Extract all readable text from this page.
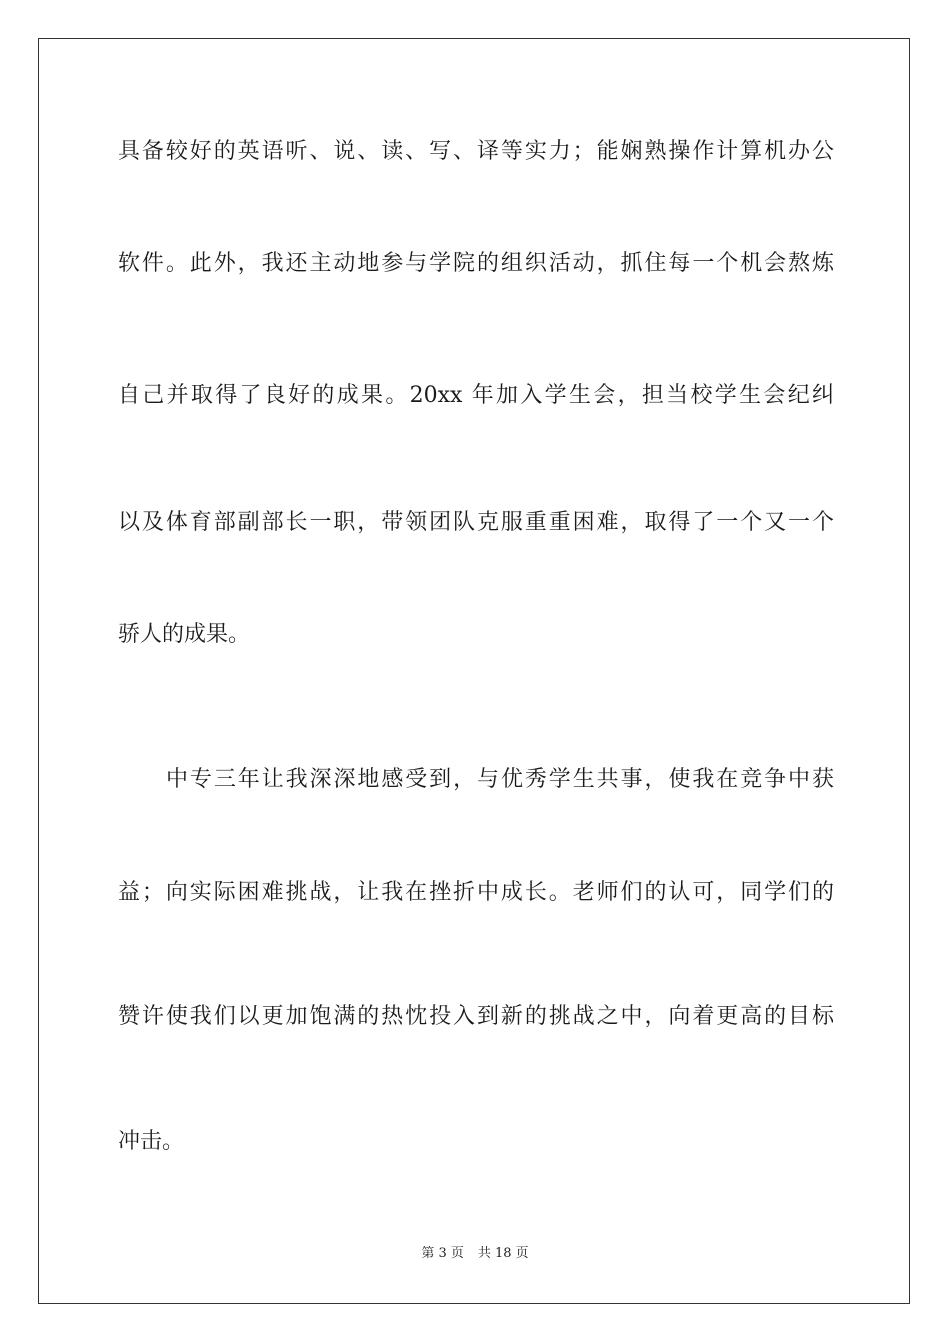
具备较好的英语听、说、读、写、译等实力；能娴熟操作计算机办公
软件。此外，我还主动地参与学院的组织活动，抓住每一个机会熬炼
自己并取得了良好的成果。20xx 年加入学生会，担当校学生会纪纠
以及体育部副部长一职，带领团队克服重重困难，取得了一个又一个
骄人的成果。
中专三年让我深深地感受到，与优秀学生共事，使我在竞争中获
益；向实际困难挑战，让我在挫折中成长。老师们的认可，同学们的
赞许使我们以更加饱满的热忱投入到新的挑战之中，向着更高的目标
冲击。
第 3 页 共 18 页
